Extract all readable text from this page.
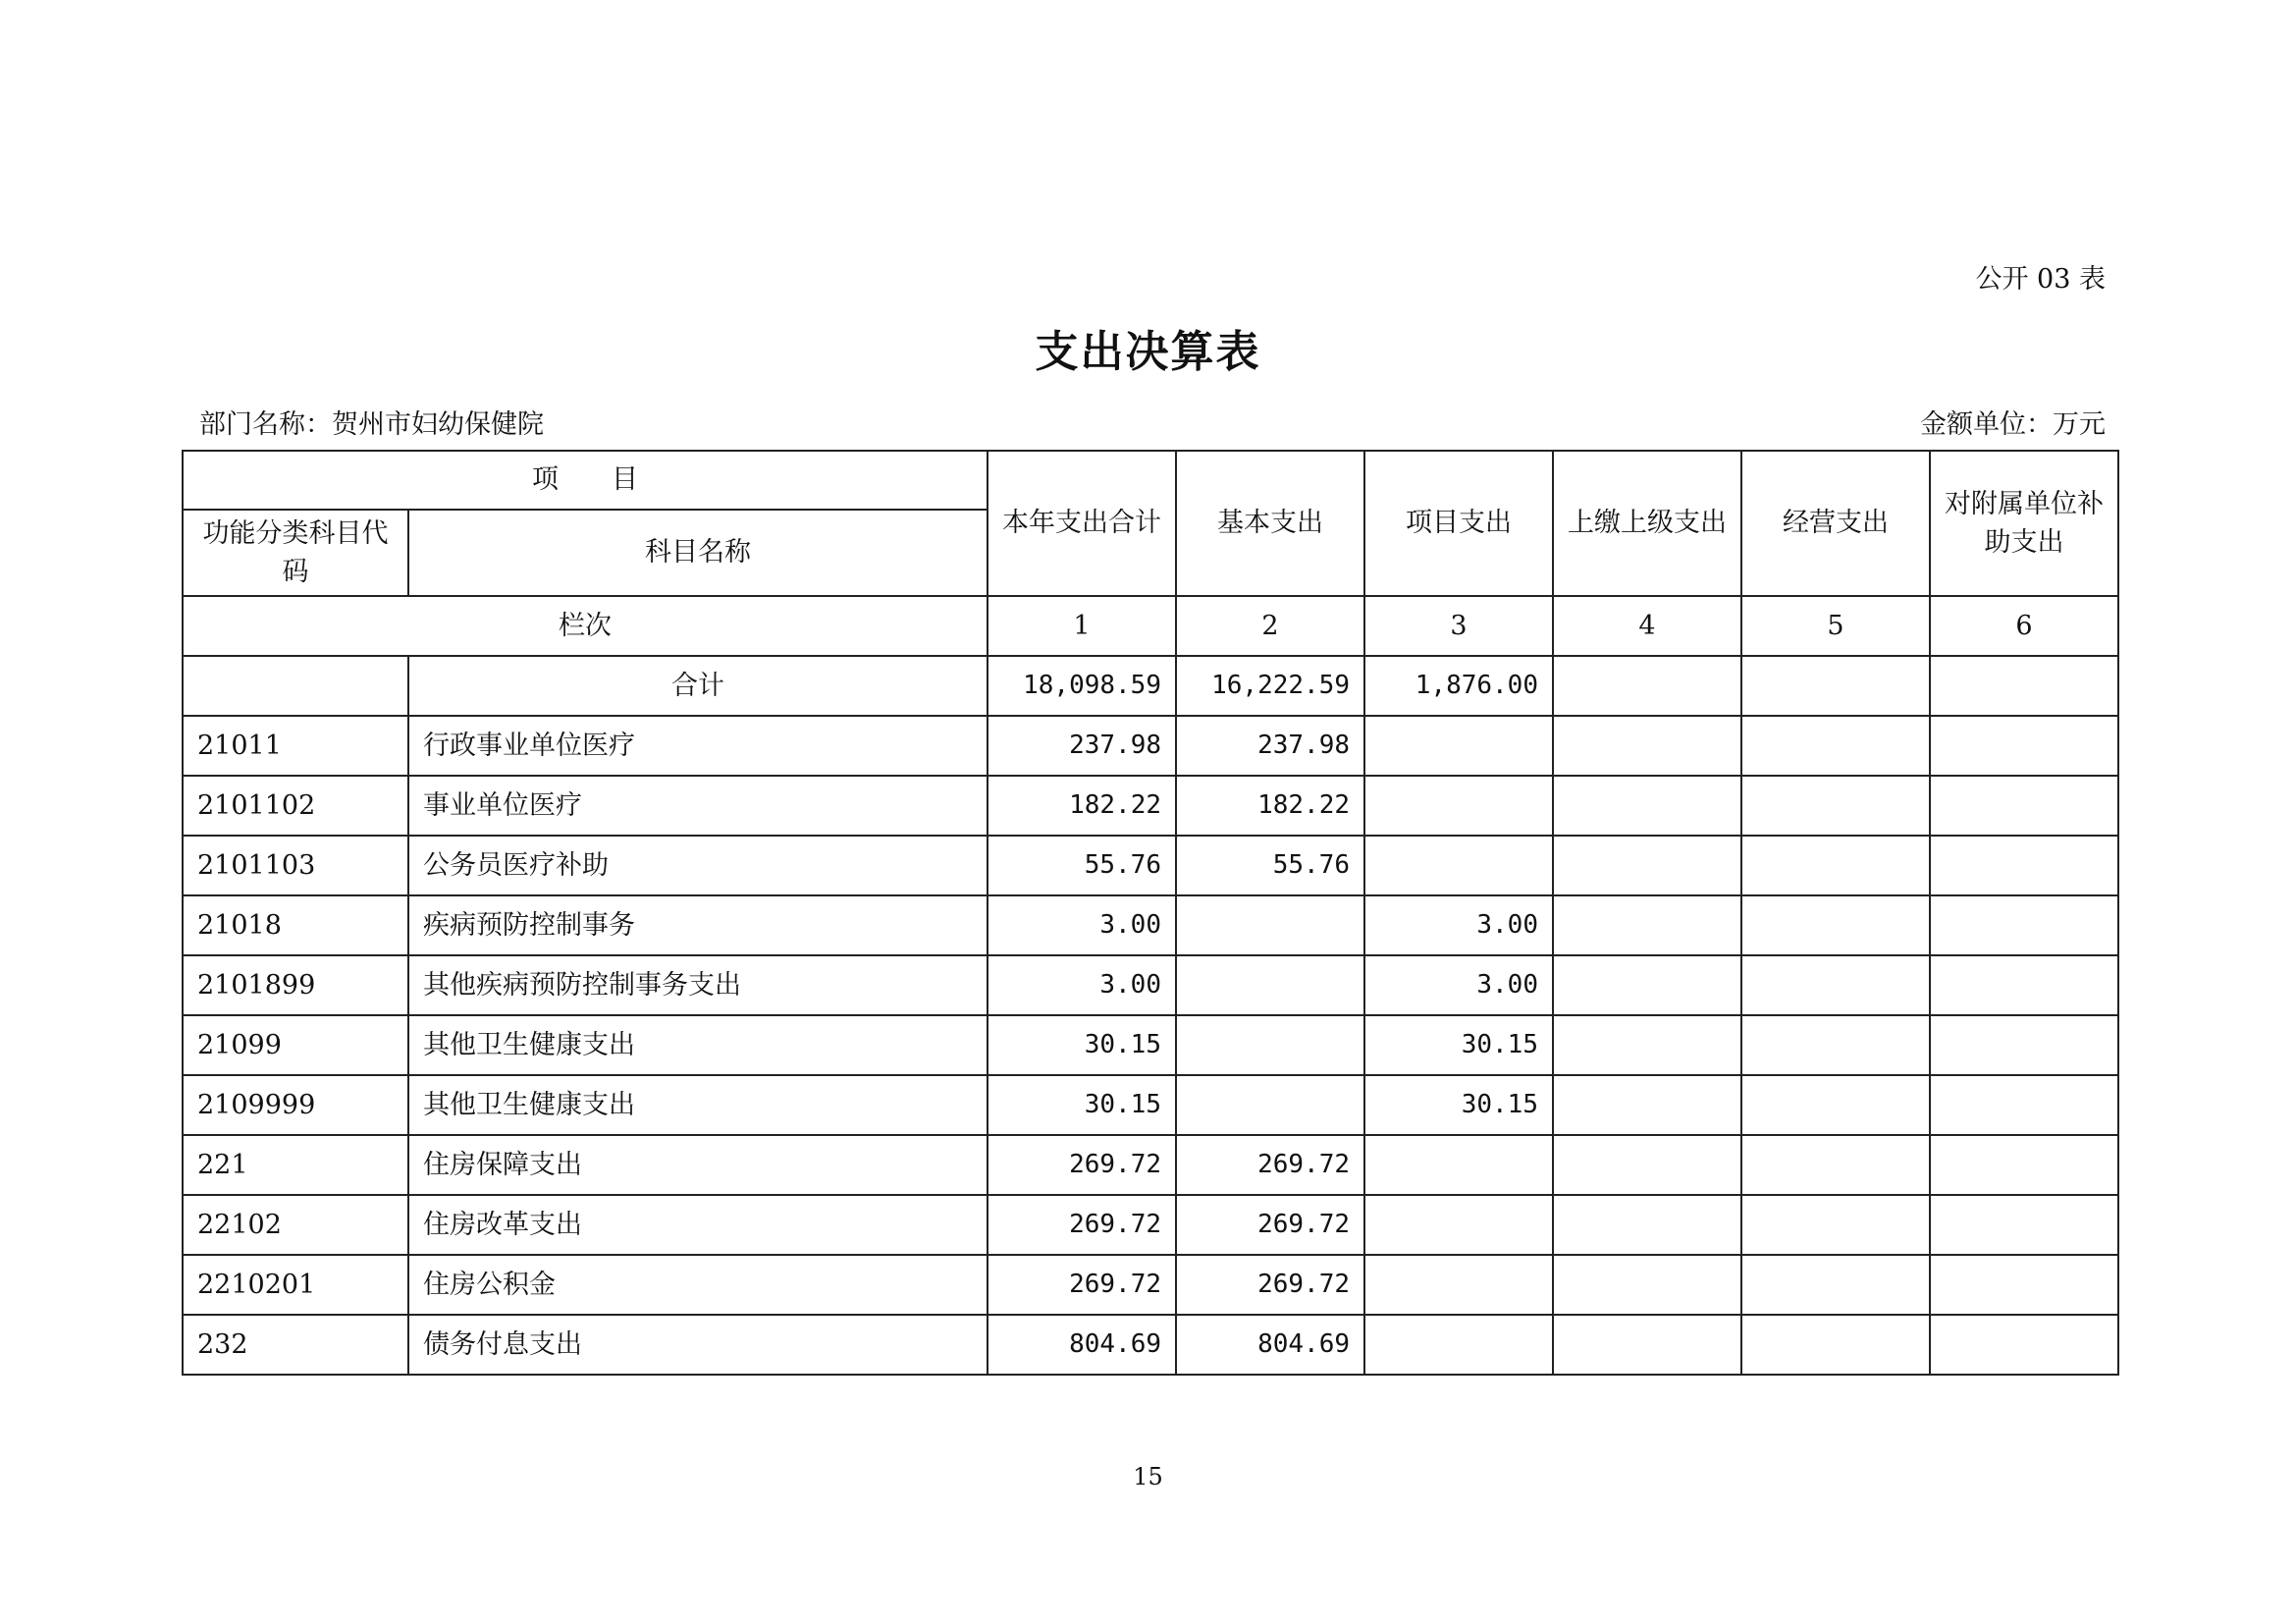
公开 03 表
支出决算表
部门名称：贺州市妇幼保健院	金额单位：万元
项　　目		本年支出合计	基本支出	项目支出	上缴上级支出	经营支出	对附属单位补助支出
功能分类科目代码	科目名称						
栏次		1	2	3	4	5	6
	合计	18,098.59	16,222.59	1,876.00			
21011	行政事业单位医疗	237.98	237.98				
2101102	事业单位医疗	182.22	182.22				
2101103	公务员医疗补助	55.76	55.76				
21018	疾病预防控制事务	3.00		3.00			
2101899	其他疾病预防控制事务支出	3.00		3.00			
21099	其他卫生健康支出	30.15		30.15			
2109999	其他卫生健康支出	30.15		30.15			
221	住房保障支出	269.72	269.72				
22102	住房改革支出	269.72	269.72				
2210201	住房公积金	269.72	269.72				
232	债务付息支出	804.69	804.69				
15
